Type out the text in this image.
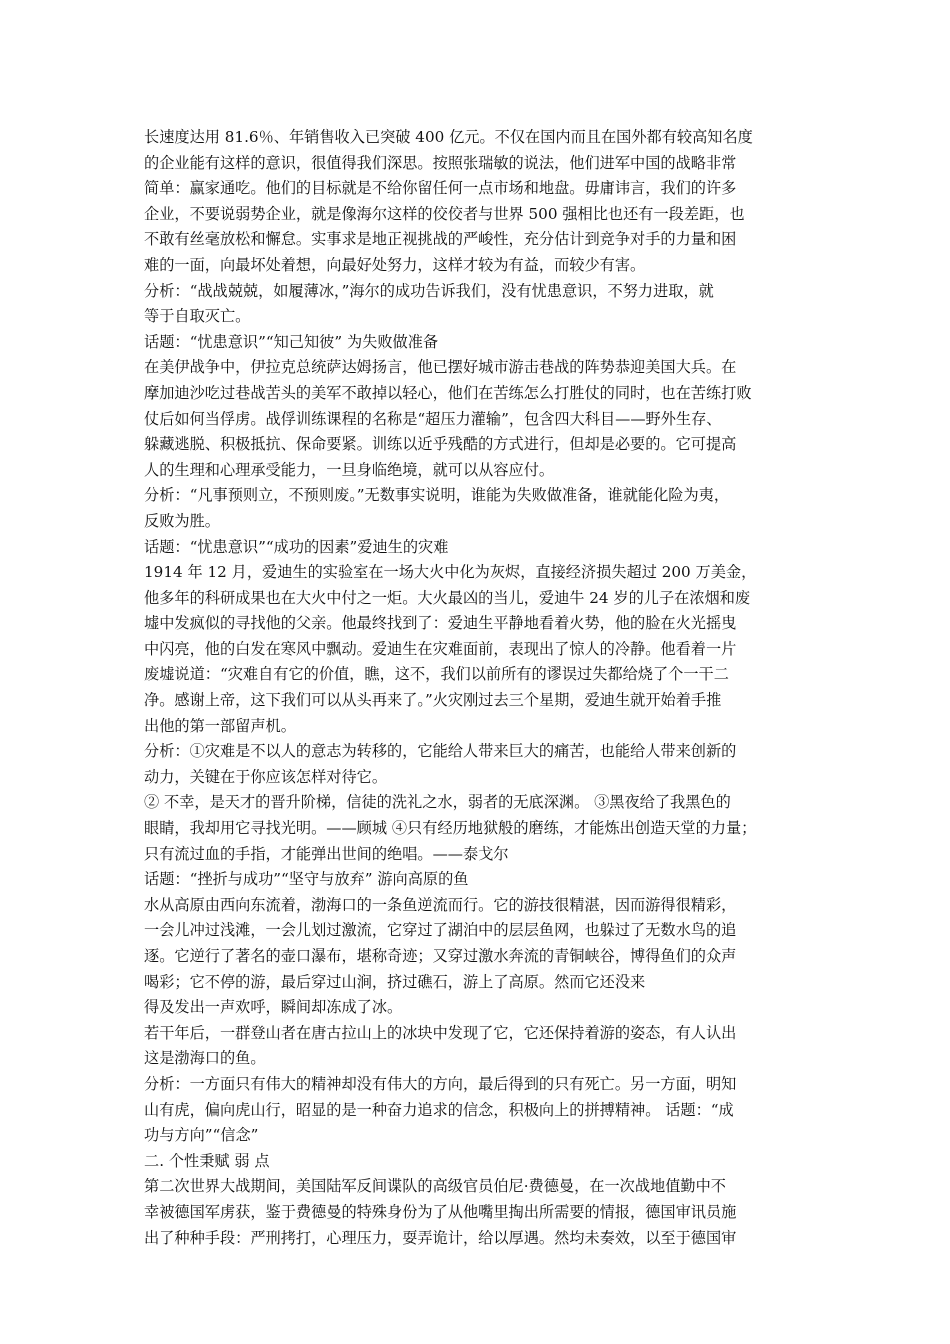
长速度达用 81.6％、年销售收入已突破 400 亿元。不仅在国内而且在国外都有较高知名度

的企业能有这样的意识，很值得我们深思。按照张瑞敏的说法，他们进军中国的战略非常

简单：赢家通吃。他们的目标就是不给你留任何一点市场和地盘。毋庸讳言，我们的许多

企业，不要说弱势企业，就是像海尔这样的佼佼者与世界 500 强相比也还有一段差距，也

不敢有丝毫放松和懈怠。实事求是地正视挑战的严峻性，充分估计到竞争对手的力量和困

难的一面，向最坏处着想，向最好处努力，这样才较为有益，而较少有害。

分析：“战战兢兢，如履薄冰，”海尔的成功告诉我们，没有忧患意识，不努力进取，就

等于自取灭亡。

话题：“忧患意识”“知己知彼” 为失败做准备

在美伊战争中，伊拉克总统萨达姆扬言，他已摆好城市游击巷战的阵势恭迎美国大兵。在

摩加迪沙吃过巷战苦头的美军不敢掉以轻心，他们在苦练怎么打胜仗的同时，也在苦练打败

仗后如何当俘虏。战俘训练课程的名称是“超压力灌输”，包含四大科目——野外生存、

躲藏逃脱、积极抵抗、保命要紧。训练以近乎残酷的方式进行，但却是必要的。它可提高

人的生理和心理承受能力，一旦身临绝境，就可以从容应付。

分析：“凡事预则立，不预则废。”无数事实说明，谁能为失败做准备，谁就能化险为夷，

反败为胜。

话题：“忧患意识”“成功的因素”爱迪生的灾难

1914 年 12 月，爱迪生的实验室在一场大火中化为灰烬，直接经济损失超过 200 万美金，

他多年的科研成果也在大火中付之一炬。大火最凶的当儿，爱迪牛 24 岁的儿子在浓烟和废

墟中发疯似的寻找他的父亲。他最终找到了：爱迪生平静地看着火势，他的脸在火光摇曳

中闪亮，他的白发在寒风中飘动。爱迪生在灾难面前，表现出了惊人的冷静。他看着一片

废墟说道：“灾难自有它的价值，瞧，这不，我们以前所有的谬误过失都给烧了个一干二

净。感谢上帝，这下我们可以从头再来了。”火灾刚过去三个星期，爱迪生就开始着手推

出他的第一部留声机。

分析：①灾难是不以人的意志为转移的，它能给人带来巨大的痛苦，也能给人带来创新的

动力，关键在于你应该怎样对待它。

② 不幸，是天才的晋升阶梯，信徒的洗礼之水，弱者的无底深渊。 ③黑夜给了我黑色的

眼睛，我却用它寻找光明。——顾城 ④只有经历地狱般的磨练，才能炼出创造天堂的力量；

只有流过血的手指，才能弹出世间的绝唱。——泰戈尔

话题：“挫折与成功”“坚守与放弃” 游向高原的鱼

水从高原由西向东流着，渤海口的一条鱼逆流而行。它的游技很精湛，因而游得很精彩，

一会儿冲过浅滩，一会儿划过激流，它穿过了湖泊中的层层鱼网，也躲过了无数水鸟的追

逐。它逆行了著名的壶口瀑布，堪称奇迹；又穿过激水奔流的青铜峡谷，博得鱼们的众声

喝彩；它不停的游，最后穿过山涧，挤过礁石，游上了高原。然而它还没来

得及发出一声欢呼，瞬间却冻成了冰。

若干年后，一群登山者在唐古拉山上的冰块中发现了它，它还保持着游的姿态，有人认出

这是渤海口的鱼。

分析：一方面只有伟大的精神却没有伟大的方向，最后得到的只有死亡。另一方面，明知

山有虎，偏向虎山行，昭显的是一种奋力追求的信念，积极向上的拼搏精神。 话题：“成

功与方向”“信念”

二. 个性秉赋 弱 点

第二次世界大战期间，美国陆军反间谍队的高级官员伯尼·费德曼，在一次战地值勤中不

幸被德国军虏获，鉴于费德曼的特殊身份为了从他嘴里掏出所需要的情报，德国审讯员施

出了种种手段：严刑拷打，心理压力，耍弄诡计，给以厚遇。然均未奏效，以至于德国审
